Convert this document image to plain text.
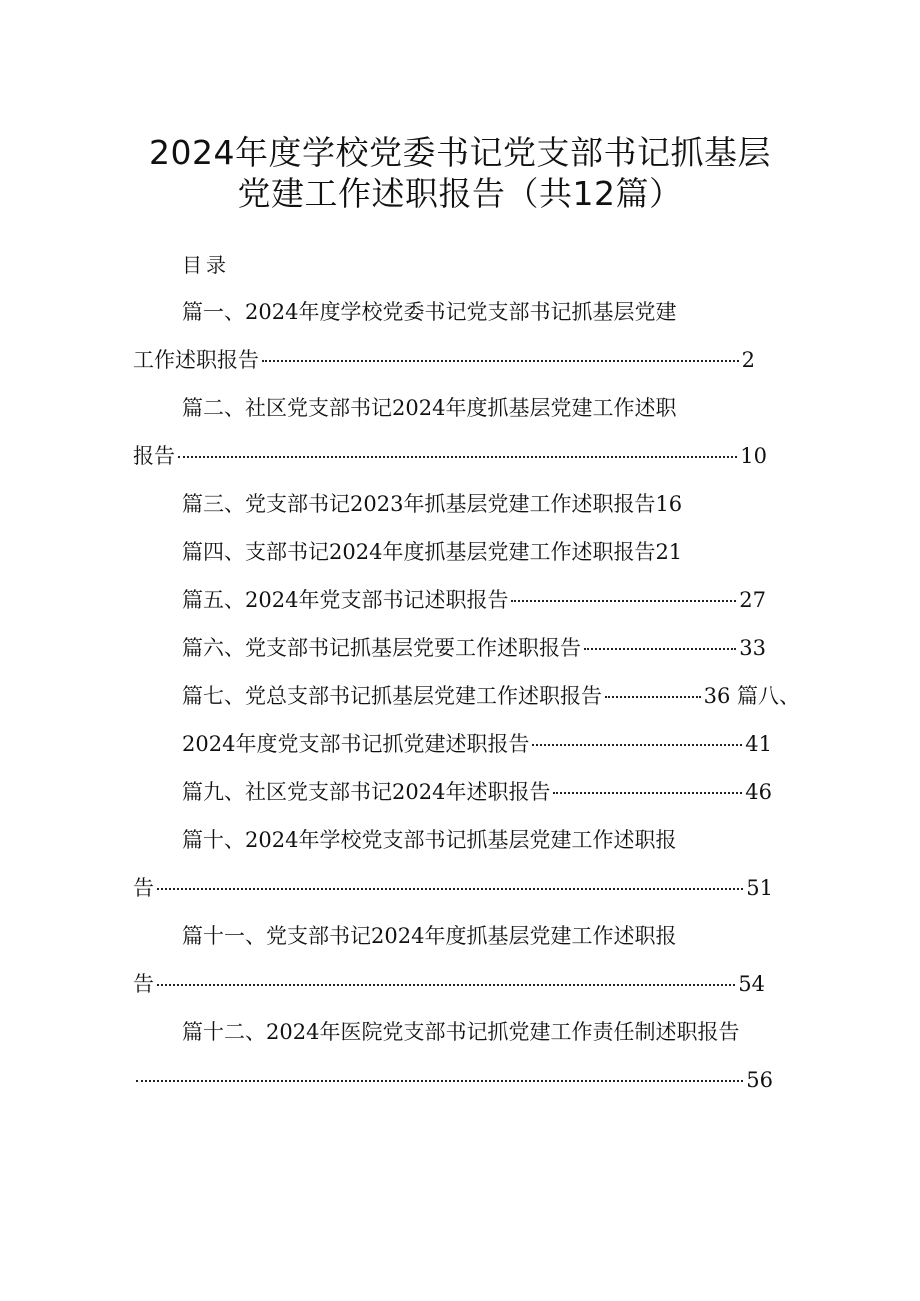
2024年度学校党委书记党支部书记抓基层
党建工作述职报告（共12篇）
目录
篇一、2024年度学校党委书记党支部书记抓基层党建
工作述职报告	2
篇二、社区党支部书记2024年度抓基层党建工作述职
报告	10
篇三、党支部书记2023年抓基层党建工作述职报告16
篇四、支部书记2024年度抓基层党建工作述职报告21
篇五、2024年党支部书记述职报告	27
篇六、党支部书记抓基层党要工作述职报告	33
篇七、党总支部书记抓基层党建工作述职报告	36 篇八、
2024年度党支部书记抓党建述职报告	41
篇九、社区党支部书记2024年述职报告	46
篇十、2024年学校党支部书记抓基层党建工作述职报
告	51
篇十一、党支部书记2024年度抓基层党建工作述职报
告	54
篇十二、2024年医院党支部书记抓党建工作责任制述职报告
56
